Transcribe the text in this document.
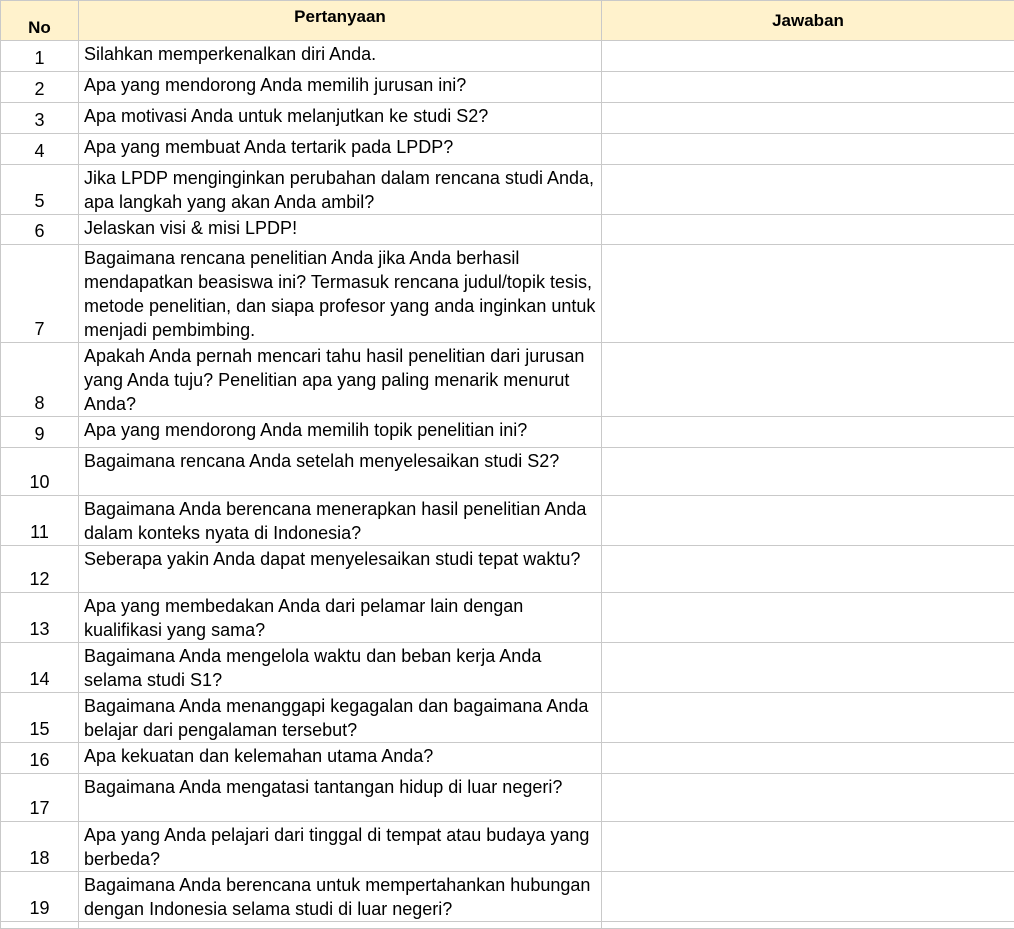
No	Pertanyaan	Jawaban
1	Silahkan memperkenalkan diri Anda.	
2	Apa yang mendorong Anda memilih jurusan ini?	
3	Apa motivasi Anda untuk melanjutkan ke studi S2?	
4	Apa yang membuat Anda tertarik pada LPDP?	
5	Jika LPDP menginginkan perubahan dalam rencana studi Anda, apa langkah yang akan Anda ambil?	
6	Jelaskan visi & misi LPDP!	
7	Bagaimana rencana penelitian Anda jika Anda berhasil mendapatkan beasiswa ini? Termasuk rencana judul/topik tesis, metode penelitian, dan siapa profesor yang anda inginkan untuk menjadi pembimbing.	
8	Apakah Anda pernah mencari tahu hasil penelitian dari jurusan yang Anda tuju? Penelitian apa yang paling menarik menurut Anda?	
9	Apa yang mendorong Anda memilih topik penelitian ini?	
10	Bagaimana rencana Anda setelah menyelesaikan studi S2?	
11	Bagaimana Anda berencana menerapkan hasil penelitian Anda dalam konteks nyata di Indonesia?	
12	Seberapa yakin Anda dapat menyelesaikan studi tepat waktu?	
13	Apa yang membedakan Anda dari pelamar lain dengan kualifikasi yang sama?	
14	Bagaimana Anda mengelola waktu dan beban kerja Anda selama studi S1?	
15	Bagaimana Anda menanggapi kegagalan dan bagaimana Anda belajar dari pengalaman tersebut?	
16	Apa kekuatan dan kelemahan utama Anda?	
17	Bagaimana Anda mengatasi tantangan hidup di luar negeri?	
18	Apa yang Anda pelajari dari tinggal di tempat atau budaya yang berbeda?	
19	Bagaimana Anda berencana untuk mempertahankan hubungan dengan Indonesia selama studi di luar negeri?	
